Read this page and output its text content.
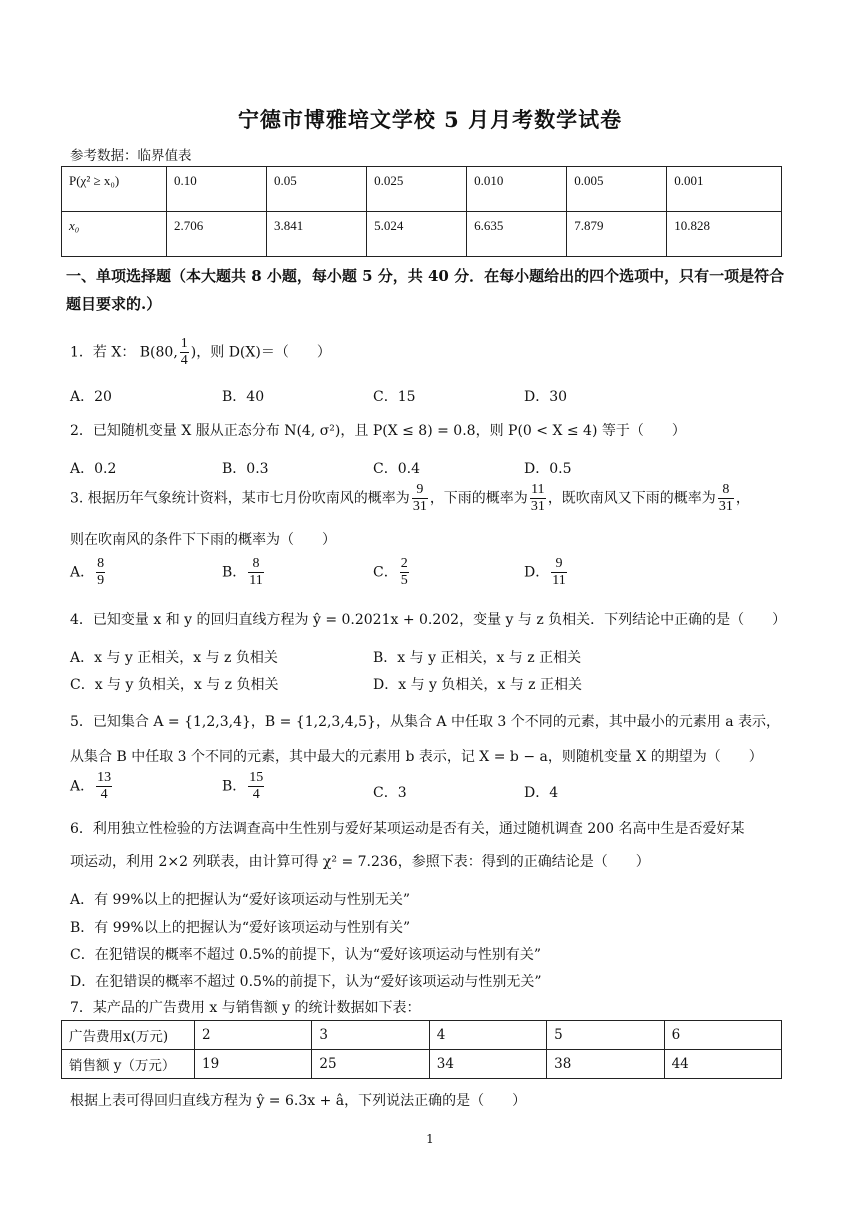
宁德市博雅培文学校 5 月月考数学试卷
参考数据：临界值表
P(χ² ≥ x₀)	0.10	0.05	0.025	0.010	0.005	0.001
x₀	2.706	3.841	5.024	6.635	7.879	10.828
一、单项选择题（本大题共 8 小题，每小题 5 分，共 40 分．在每小题给出的四个选项中，只有一项是符合题目要求的.）
1．若 X： B(80, $\frac{1}{4}$ )，则 D(X)＝（　　）
A．20	B．40	C．15	D．30
2．已知随机变量 X 服从正态分布 N(4, σ²)，且 P(X ≤ 8) = 0.8，则 P(0 < X ≤ 4) 等于（　　）
A．0.2	B．0.3	C．0.4	D．0.5
3. 根据历年气象统计资料，某市七月份吹南风的概率为 $\frac{9}{31}$ ，下雨的概率为 $\frac{11}{31}$ ，既吹南风又下雨的概率为 $\frac{8}{31}$ ，
则在吹南风的条件下下雨的概率为（　　）
A． $\frac{8}{9}$	B． $\frac{8}{11}$	C． $\frac{2}{5}$	D． $\frac{9}{11}$
4．已知变量 x 和 y 的回归直线方程为 ŷ = 0.2021x + 0.202，变量 y 与 z 负相关．下列结论中正确的是（　　）
A．x 与 y 正相关，x 与 z 负相关	B．x 与 y 正相关，x 与 z 正相关
C．x 与 y 负相关，x 与 z 负相关	D．x 与 y 负相关，x 与 z 正相关
5．已知集合 A = {1,2,3,4}，B = {1,2,3,4,5}，从集合 A 中任取 3 个不同的元素，其中最小的元素用 a 表示，
从集合 B 中任取 3 个不同的元素，其中最大的元素用 b 表示，记 X = b − a，则随机变量 X 的期望为（　　）
A． $\frac{13}{4}$	B． $\frac{15}{4}$	C．3	D．4
6．利用独立性检验的方法调查高中生性别与爱好某项运动是否有关，通过随机调查 200 名高中生是否爱好某
项运动，利用 2×2 列联表，由计算可得 χ² = 7.236，参照下表：得到的正确结论是（　　）
A．有 99%以上的把握认为“爱好该项运动与性别无关”
B．有 99%以上的把握认为“爱好该项运动与性别有关”
C．在犯错误的概率不超过 0.5%的前提下，认为“爱好该项运动与性别有关”
D．在犯错误的概率不超过 0.5%的前提下，认为“爱好该项运动与性别无关”
7．某产品的广告费用 x 与销售额 y 的统计数据如下表：
广告费用x(万元)	2	3	4	5	6
销售额 y（万元）	19	25	34	38	44
根据上表可得回归直线方程为 ŷ = 6.3x + â，下列说法正确的是（　　）
1
